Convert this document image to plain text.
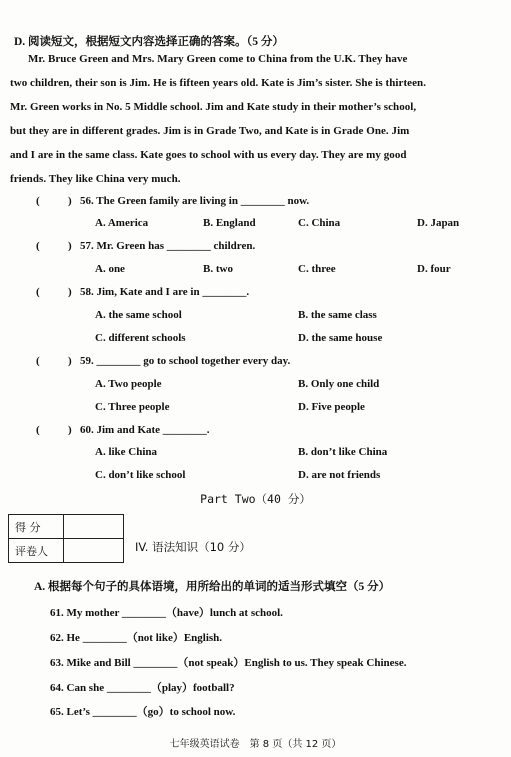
D. 阅读短文，根据短文内容选择正确的答案。（5 分）
Mr. Bruce Green and Mrs. Mary Green come to China from the U.K. They have
two children, their son is Jim. He is fifteen years old. Kate is Jim’s sister. She is thirteen.
Mr. Green works in No. 5 Middle school. Jim and Kate study in their mother’s school,
but they are in different grades. Jim is in Grade Two, and Kate is in Grade One. Jim
and I are in the same class. Kate goes to school with us every day. They are my good
friends. They like China very much.
(	) 56. The Green family are living in ________ now.
A. America	B. England	C. China	D. Japan
(	) 57. Mr. Green has ________ children.
A. one	B. two	C. three	D. four
(	) 58. Jim, Kate and I are in ________.
A. the same school	B. the same class
C. different schools	D. the same house
(	) 59. ________ go to school together every day.
A. Two people	B. Only one child
C. Three people	D. Five people
(	) 60. Jim and Kate ________.
A. like China	B. don’t like China
C. don’t like school	D. are not friends
Part Two（40 分）
得 分	
评卷人		IV. 语法知识（10 分）
A. 根据每个句子的具体语境，用所给出的单词的适当形式填空（5 分）
61. My mother ________（have）lunch at school.
62. He ________（not like）English.
63. Mike and Bill ________（not speak）English to us. They speak Chinese.
64. Can she ________（play）football?
65. Let’s ________（go）to school now.
七年级英语试卷　第 8 页（共 12 页）
